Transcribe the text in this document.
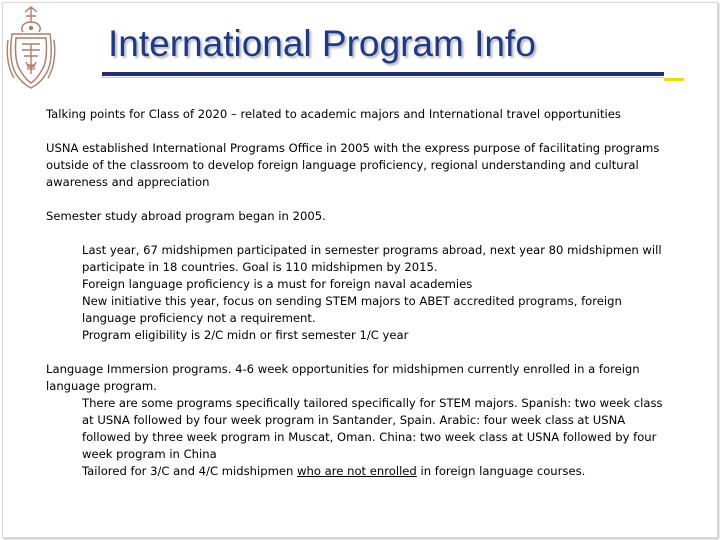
International Program Info

Talking points for Class of 2020 – related to academic majors and International travel opportunities

USNA established International Programs Office in 2005 with the express purpose of facilitating programs outside of the classroom to develop foreign language proficiency, regional understanding and cultural awareness and appreciation

Semester study abroad program began in 2005.

Last year, 67 midshipmen participated in semester programs abroad, next year 80 midshipmen will participate in 18 countries. Goal is 110 midshipmen by 2015.

Foreign language proficiency is a must for foreign naval academies

New initiative this year, focus on sending STEM majors to ABET accredited programs, foreign language proficiency not a requirement.

Program eligibility is 2/C midn or first semester 1/C year

Language Immersion programs. 4-6 week opportunities for midshipmen currently enrolled in a foreign language program.

There are some programs specifically tailored specifically for STEM majors. Spanish: two week class at USNA followed by four week program in Santander, Spain. Arabic: four week class at USNA followed by three week program in Muscat, Oman. China: two week class at USNA followed by four week program in China

Tailored for 3/C and 4/C midshipmen who are not enrolled in foreign language courses.
